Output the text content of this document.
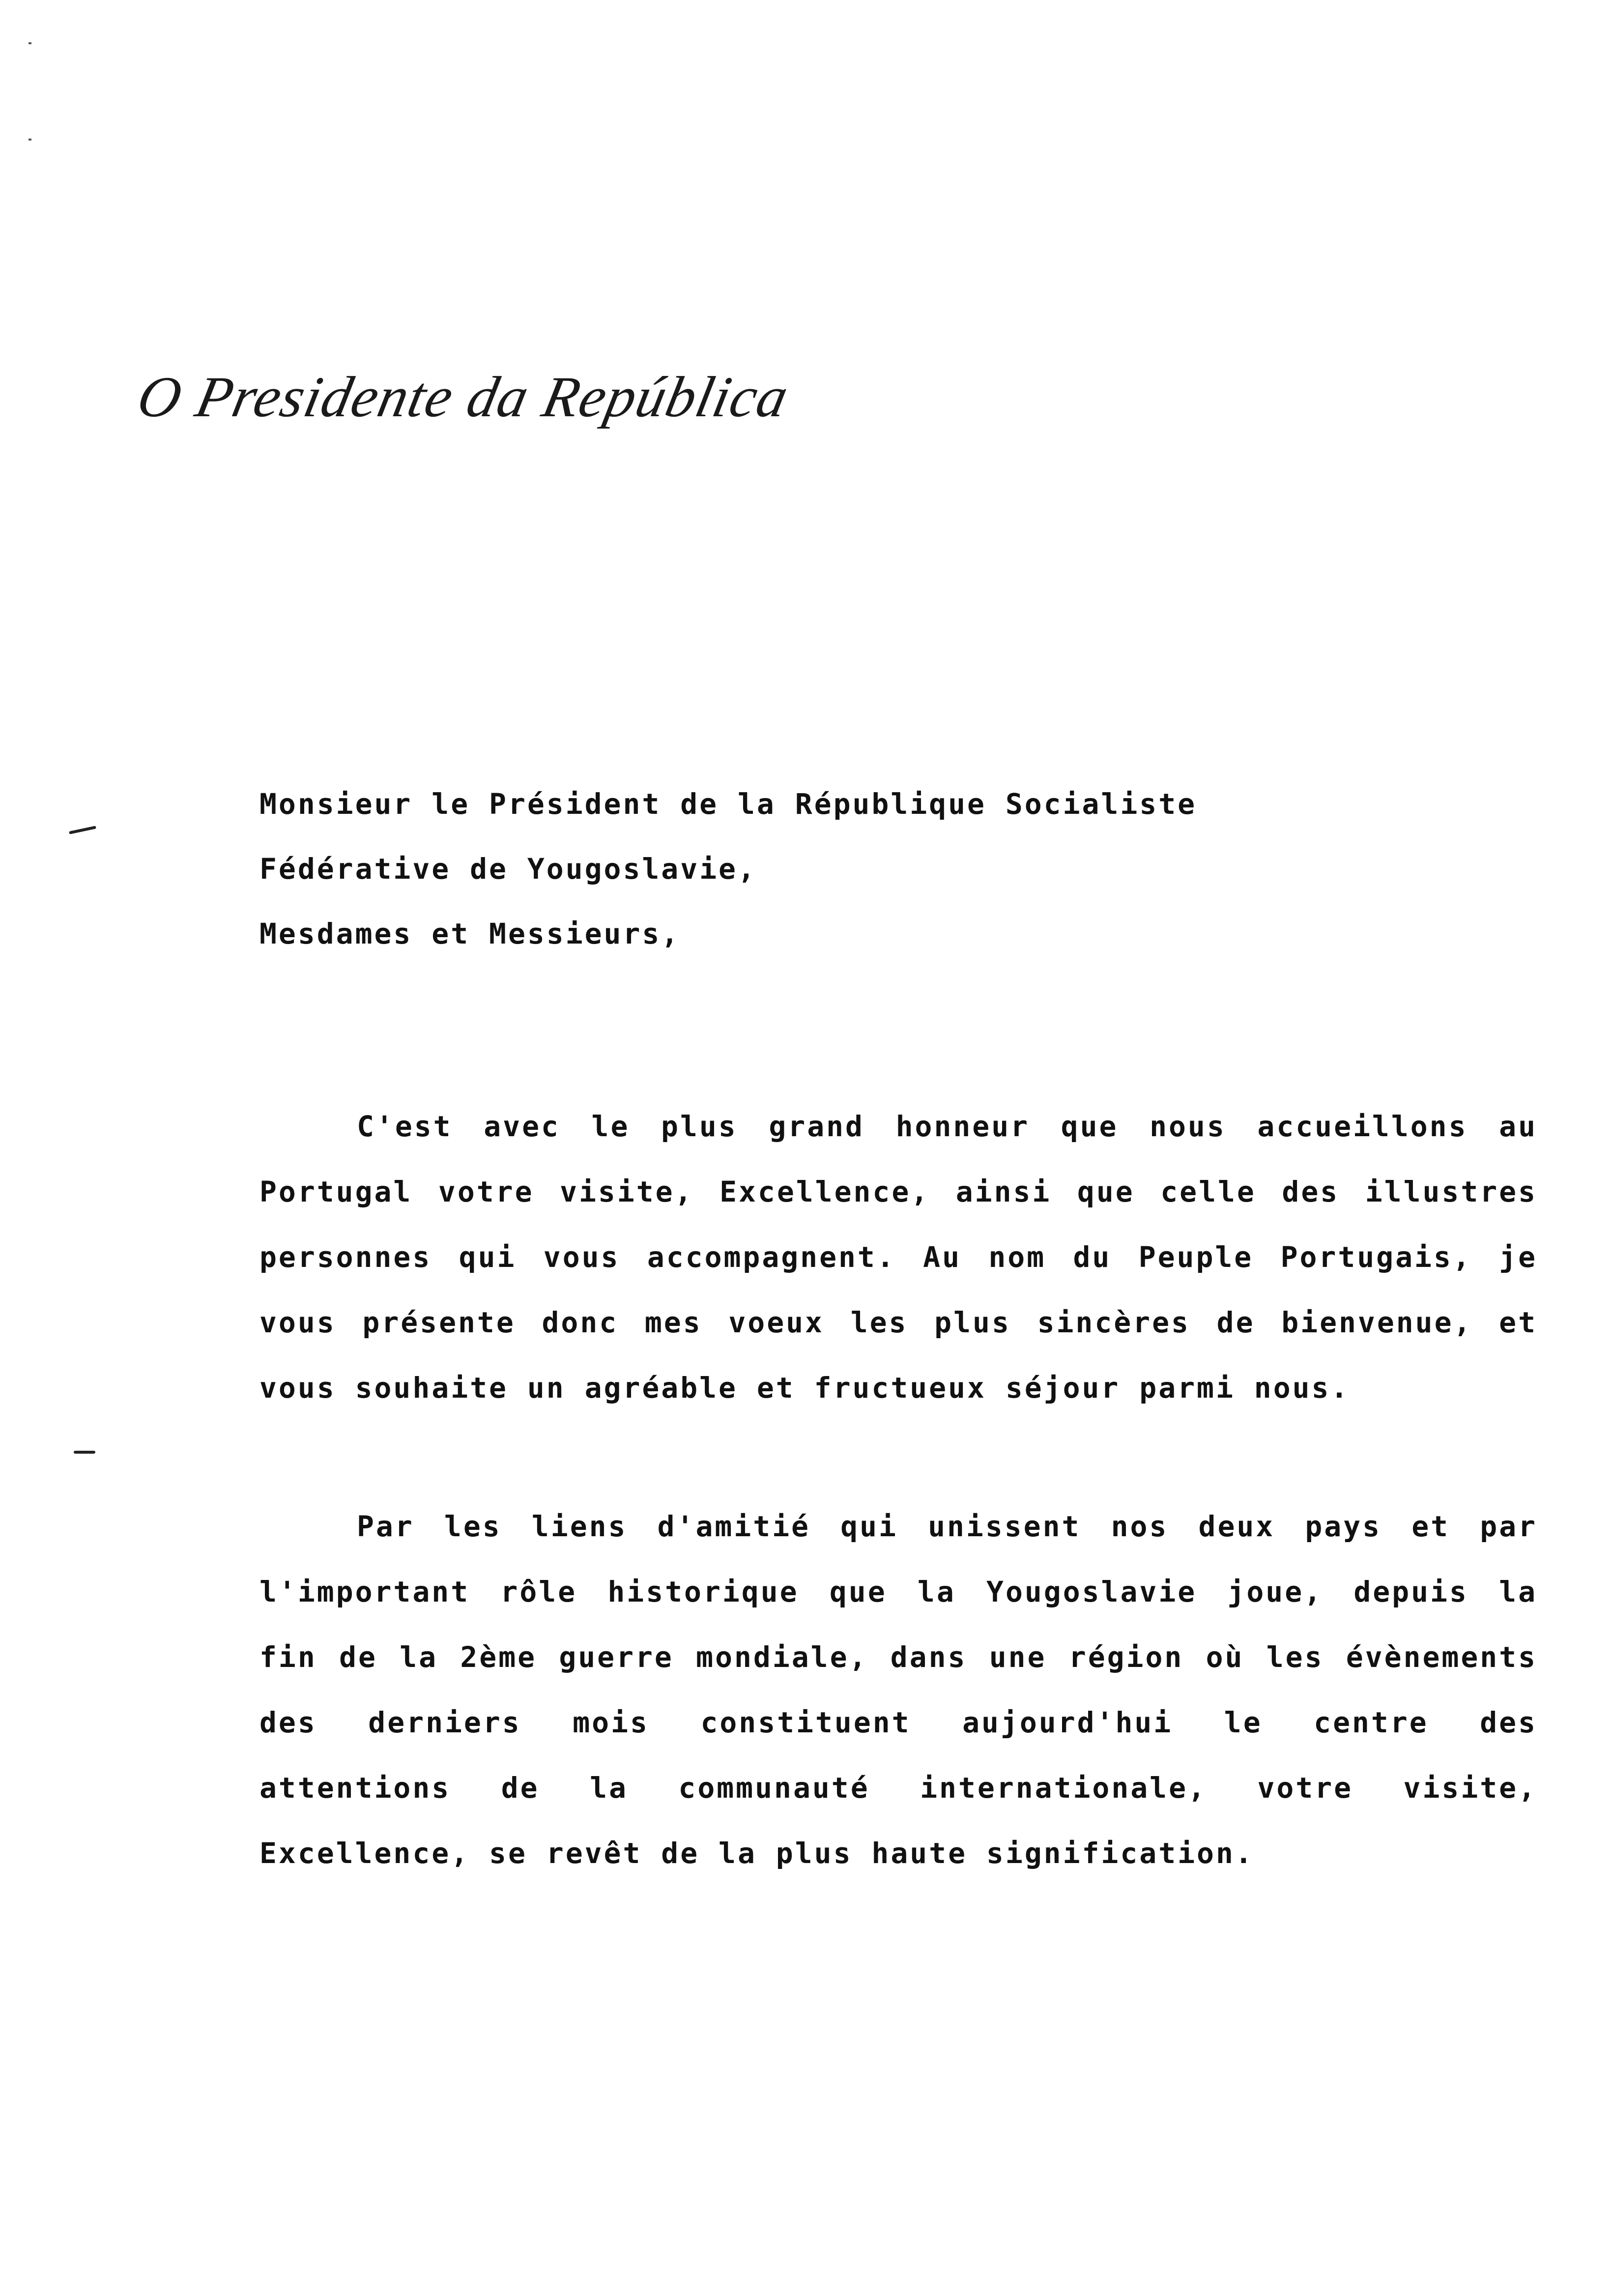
O Presidente da República
Monsieur le Président de la République Socialiste
Fédérative de Yougoslavie,
Mesdames et Messieurs,
C'est avec le plus grand honneur que nous accueillons au
Portugal votre visite, Excellence, ainsi que celle des illustres
personnes qui vous accompagnent. Au nom du Peuple Portugais, je
vous présente donc mes voeux les plus sincères de bienvenue, et
vous souhaite un agréable et fructueux séjour parmi nous.
Par les liens d'amitié qui unissent nos deux pays et par
l'important rôle historique que la Yougoslavie joue, depuis la
fin de la 2ème guerre mondiale, dans une région où les évènements
des derniers mois constituent aujourd'hui le centre des
attentions de la communauté internationale, votre visite,
Excellence, se revêt de la plus haute signification.
